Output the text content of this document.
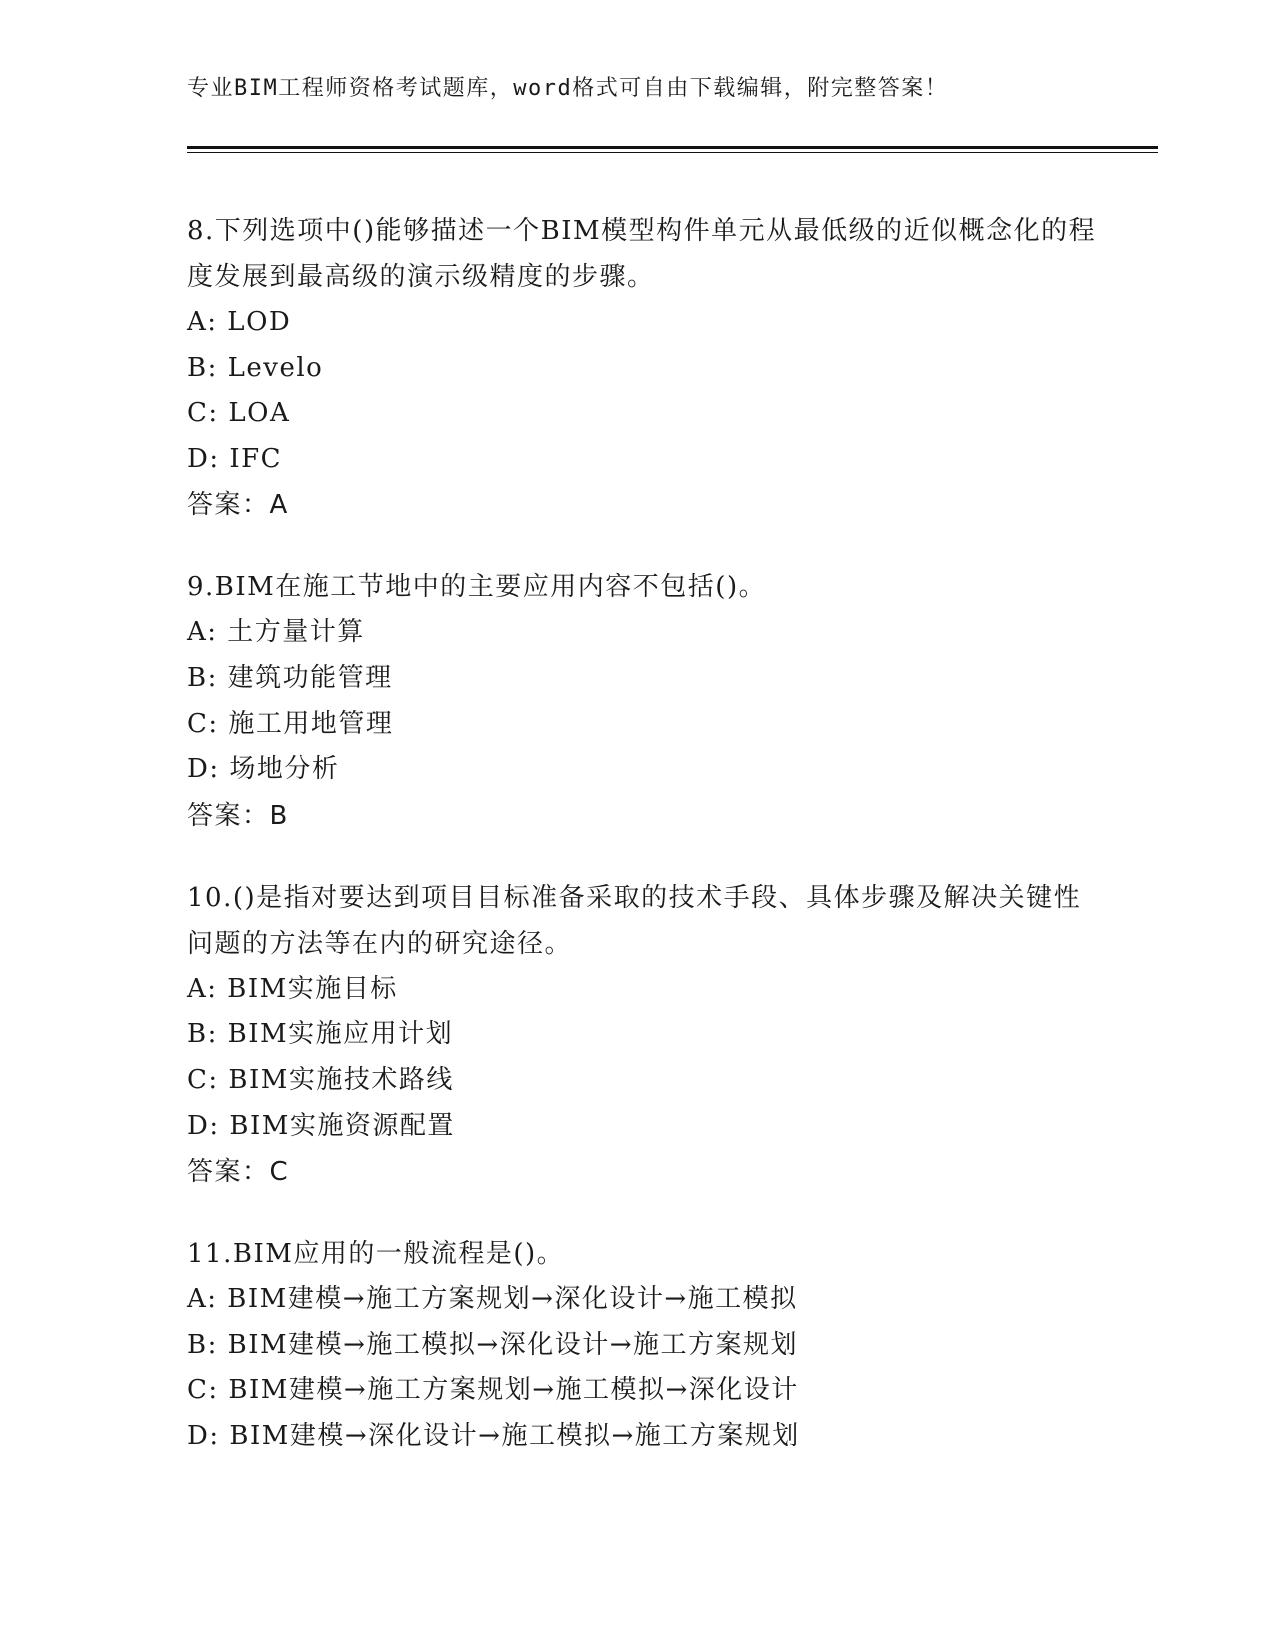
专业BIM工程师资格考试题库，word格式可自由下载编辑，附完整答案！

8.下列选项中()能够描述一个BIM模型构件单元从最低级的近似概念化的程度发展到最高级的演示级精度的步骤。

A: LOD

B: Levelo

C: LOA

D: IFC

答案：A

9.BIM在施工节地中的主要应用内容不包括()。

A: 土方量计算

B: 建筑功能管理

C: 施工用地管理

D: 场地分析

答案：B

10.()是指对要达到项目目标准备采取的技术手段、具体步骤及解决关键性问题的方法等在内的研究途径。

A: BIM实施目标

B: BIM实施应用计划

C: BIM实施技术路线

D: BIM实施资源配置

答案：C

11.BIM应用的一般流程是()。

A: BIM建模→施工方案规划→深化设计→施工模拟

B: BIM建模→施工模拟→深化设计→施工方案规划

C: BIM建模→施工方案规划→施工模拟→深化设计

D: BIM建模→深化设计→施工模拟→施工方案规划
